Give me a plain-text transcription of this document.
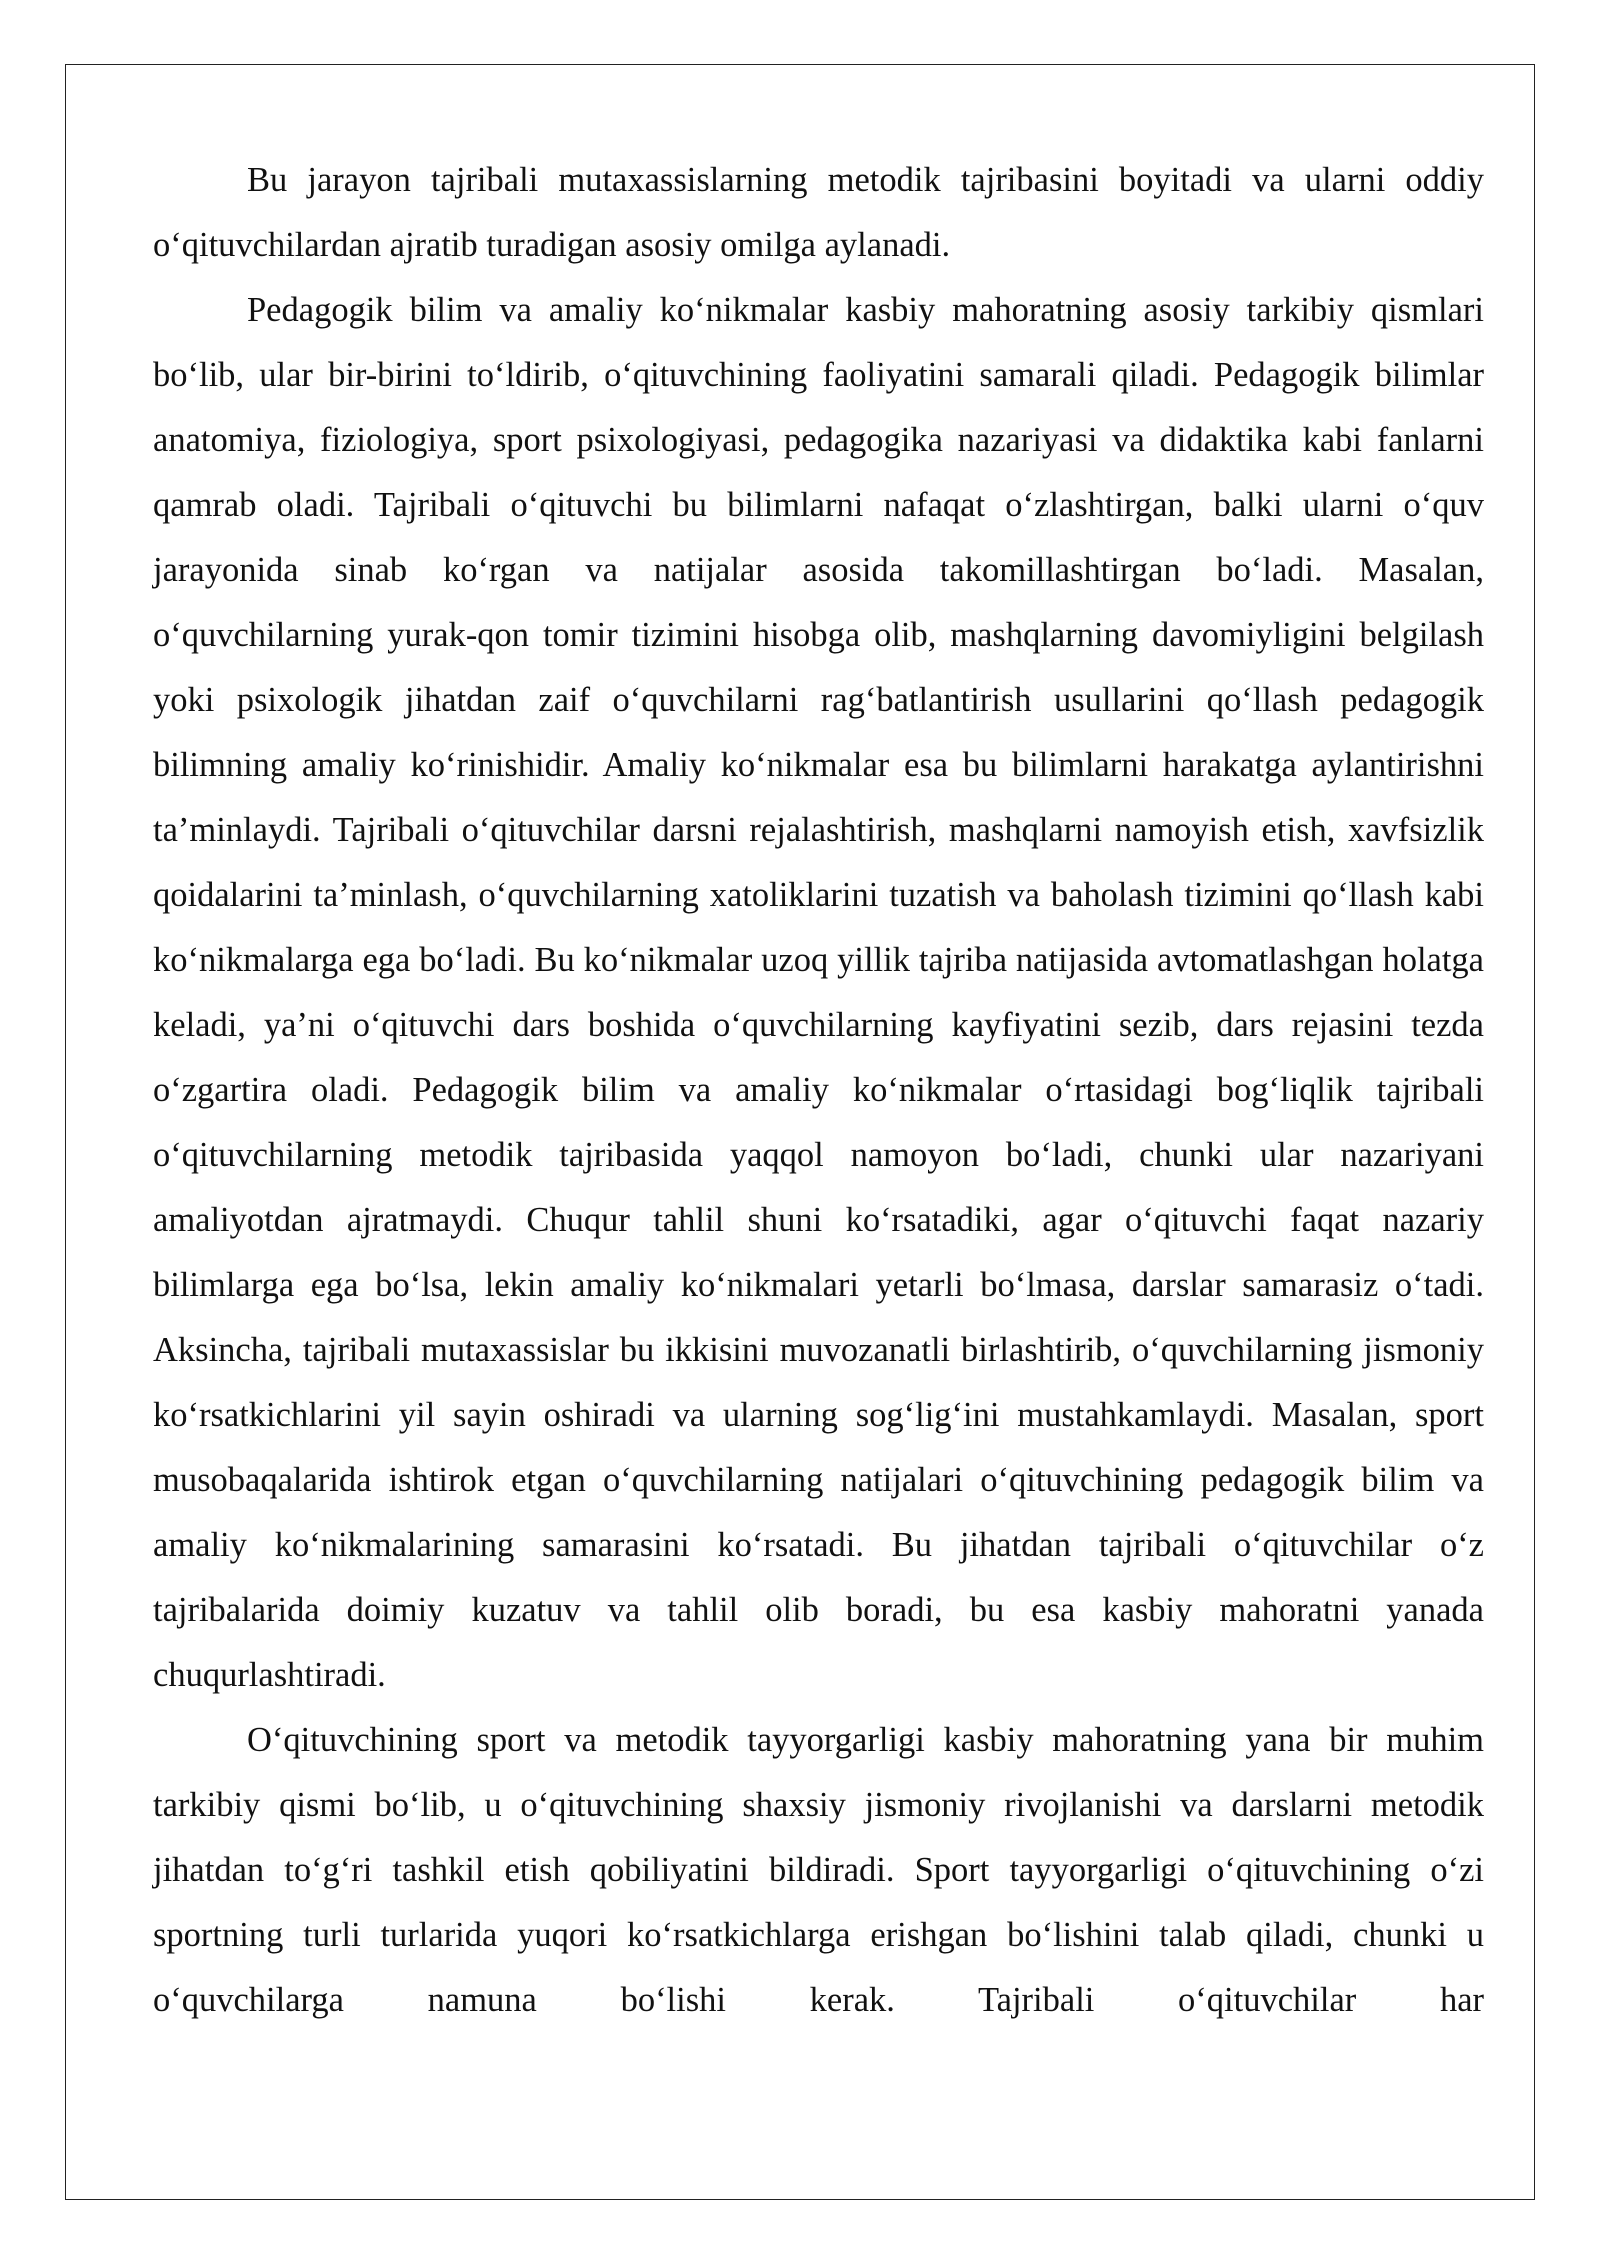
Bu jarayon tajribali mutaxassislarning metodik tajribasini boyitadi va ularni oddiy o‘qituvchilardan ajratib turadigan asosiy omilga aylanadi.

Pedagogik bilim va amaliy ko‘nikmalar kasbiy mahoratning asosiy tarkibiy qismlari bo‘lib, ular bir-birini to‘ldirib, o‘qituvchining faoliyatini samarali qiladi. Pedagogik bilimlar anatomiya, fiziologiya, sport psixologiyasi, pedagogika nazariyasi va didaktika kabi fanlarni qamrab oladi. Tajribali o‘qituvchi bu bilimlarni nafaqat o‘zlashtirgan, balki ularni o‘quv jarayonida sinab ko‘rgan va natijalar asosida takomillashtirgan bo‘ladi. Masalan, o‘quvchilarning yurak-qon tomir tizimini hisobga olib, mashqlarning davomiyligini belgilash yoki psixologik jihatdan zaif o‘quvchilarni rag‘batlantirish usullarini qo‘llash pedagogik bilimning amaliy ko‘rinishidir. Amaliy ko‘nikmalar esa bu bilimlarni harakatga aylantirishni ta’minlaydi. Tajribali o‘qituvchilar darsni rejalashtirish, mashqlarni namoyish etish, xavfsizlik qoidalarini ta’minlash, o‘quvchilarning xatoliklarini tuzatish va baholash tizimini qo‘llash kabi ko‘nikmalarga ega bo‘ladi. Bu ko‘nikmalar uzoq yillik tajriba natijasida avtomatlashgan holatga keladi, ya’ni o‘qituvchi dars boshida o‘quvchilarning kayfiyatini sezib, dars rejasini tezda o‘zgartira oladi. Pedagogik bilim va amaliy ko‘nikmalar o‘rtasidagi bog‘liqlik tajribali o‘qituvchilarning metodik tajribasida yaqqol namoyon bo‘ladi, chunki ular nazariyani amaliyotdan ajratmaydi. Chuqur tahlil shuni ko‘rsatadiki, agar o‘qituvchi faqat nazariy bilimlarga ega bo‘lsa, lekin amaliy ko‘nikmalari yetarli bo‘lmasa, darslar samarasiz o‘tadi. Aksincha, tajribali mutaxassislar bu ikkisini muvozanatli birlashtirib, o‘quvchilarning jismoniy ko‘rsatkichlarini yil sayin oshiradi va ularning sog‘lig‘ini mustahkamlaydi. Masalan, sport musobaqalarida ishtirok etgan o‘quvchilarning natijalari o‘qituvchining pedagogik bilim va amaliy ko‘nikmalarining samarasini ko‘rsatadi. Bu jihatdan tajribali o‘qituvchilar o‘z tajribalarida doimiy kuzatuv va tahlil olib boradi, bu esa kasbiy mahoratni yanada chuqurlashtiradi.

O‘qituvchining sport va metodik tayyorgarligi kasbiy mahoratning yana bir muhim tarkibiy qismi bo‘lib, u o‘qituvchining shaxsiy jismoniy rivojlanishi va darslarni metodik jihatdan to‘g‘ri tashkil etish qobiliyatini bildiradi. Sport tayyorgarligi o‘qituvchining o‘zi sportning turli turlarida yuqori ko‘rsatkichlarga erishgan bo‘lishini talab qiladi, chunki u o‘quvchilarga namuna bo‘lishi kerak. Tajribali o‘qituvchilar har
